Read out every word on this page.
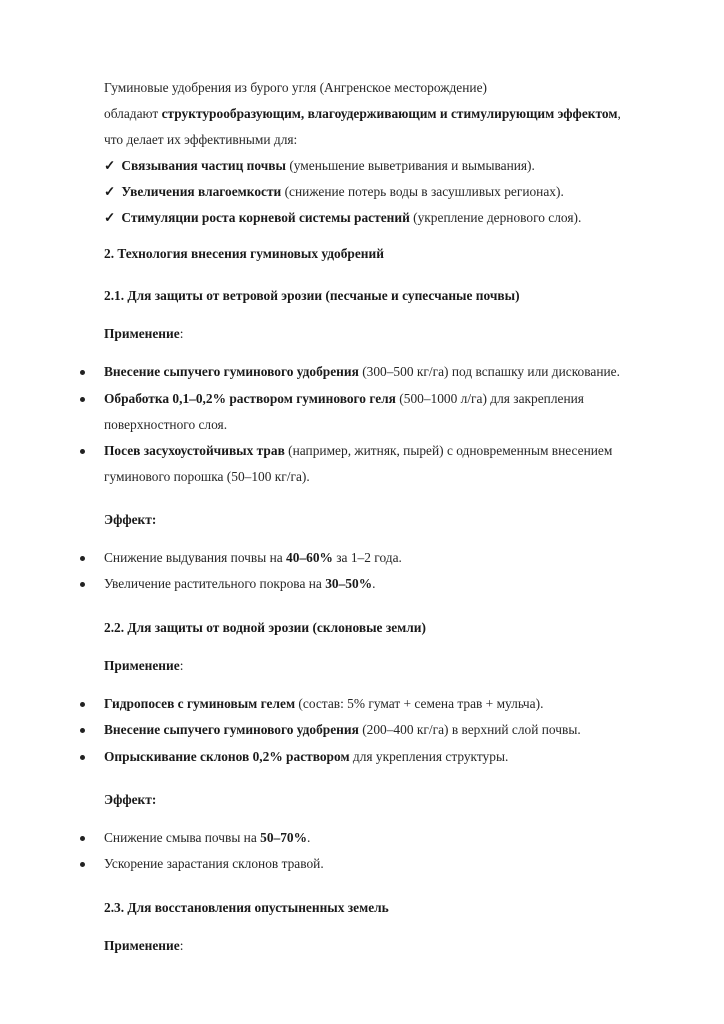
Гуминовые удобрения из бурого угля (Ангренское месторождение)
обладают структурообразующим, влагоудерживающим и стимулирующим эффектом,
что делает их эффективными для:
✓ Связывания частиц почвы (уменьшение выветривания и вымывания).
✓ Увеличения влагоемкости (снижение потерь воды в засушливых регионах).
✓ Стимуляции роста корневой системы растений (укрепление дернового слоя).
2. Технология внесения гуминовых удобрений
2.1. Для защиты от ветровой эрозии (песчаные и супесчаные почвы)
Применение:
Внесение сыпучего гуминового удобрения (300–500 кг/га) под вспашку или дискование.
Обработка 0,1–0,2% раствором гуминового геля (500–1000 л/га) для закрепления
поверхностного слоя.
Посев засухоустойчивых трав (например, житняк, пырей) с одновременным внесением
гуминового порошка (50–100 кг/га).
Эффект:
Снижение выдувания почвы на 40–60% за 1–2 года.
Увеличение растительного покрова на 30–50%.
2.2. Для защиты от водной эрозии (склоновые земли)
Применение:
Гидропосев с гуминовым гелем (состав: 5% гумат + семена трав + мульча).
Внесение сыпучего гуминового удобрения (200–400 кг/га) в верхний слой почвы.
Опрыскивание склонов 0,2% раствором для укрепления структуры.
Эффект:
Снижение смыва почвы на 50–70%.
Ускорение зарастания склонов травой.
2.3. Для восстановления опустыненных земель
Применение:
